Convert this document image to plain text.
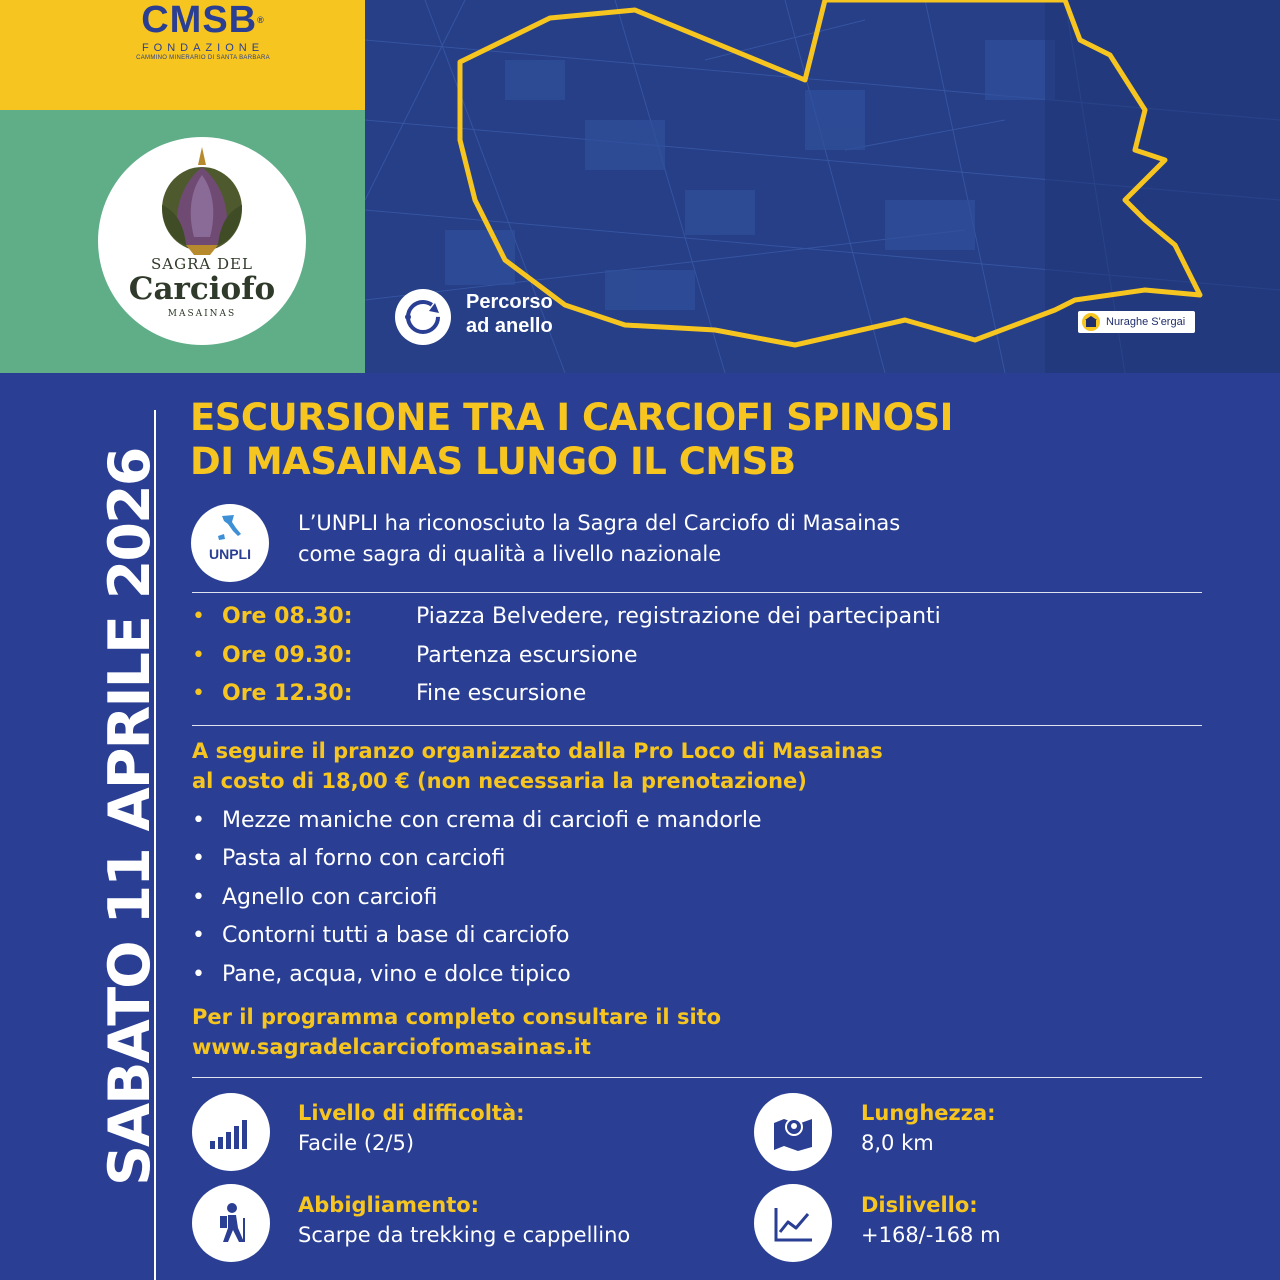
CMSB®
FONDAZIONE
CAMMINO MINERARIO DI SANTA BARBARA
SAGRA DEL
Carciofo
MASAINAS
Percorso
ad anello	Nuraghe S'ergai
SABATO 11 APRILE 2026
ESCURSIONE TRA I CARCIOFI SPINOSI
DI MASAINAS LUNGO IL CMSB
UNPLI
L’UNPLI ha riconosciuto la Sagra del Carciofo di Masainas
come sagra di qualità a livello nazionale
• Ore 08.30:	Piazza Belvedere, registrazione dei partecipanti
• Ore 09.30:	Partenza escursione
• Ore 12.30:	Fine escursione
A seguire il pranzo organizzato dalla Pro Loco di Masainas
al costo di 18,00 € (non necessaria la prenotazione)
• Mezze maniche con crema di carciofi e mandorle
• Pasta al forno con carciofi
• Agnello con carciofi
• Contorni tutti a base di carciofo
• Pane, acqua, vino e dolce tipico
Per il programma completo consultare il sito
www.sagradelcarciofomasainas.it
Livello di difficoltà:
Facile (2/5)
Lunghezza:
8,0 km
Abbigliamento:
Scarpe da trekking e cappellino
Dislivello:
+168/-168 m
